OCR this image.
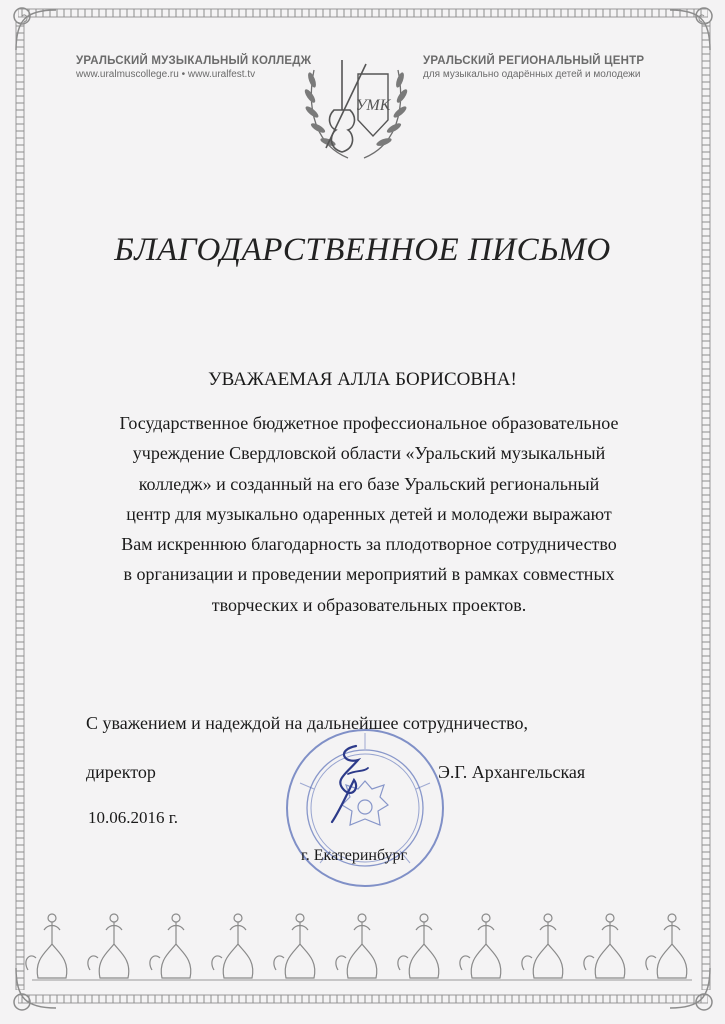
УРАЛЬСКИЙ МУЗЫКАЛЬНЫЙ КОЛЛЕДЖ
www.uralmuscollege.ru • www.uralfest.tv
УМК
УРАЛЬСКИЙ РЕГИОНАЛЬНЫЙ ЦЕНТР
для музыкально одарённых детей и молодежи
БЛАГОДАРСТВЕННОЕ ПИСЬМО
УВАЖАЕМАЯ АЛЛА БОРИСОВНА!
Государственное бюджетное профессиональное образовательное
учреждение Свердловской области «Уральский музыкальный
колледж» и созданный на его базе Уральский региональный
центр для музыкально одаренных детей и молодежи выражают
Вам искреннюю благодарность за плодотворное сотрудничество
в организации и проведении мероприятий в рамках совместных
творческих и образовательных проектов.
С уважением и надеждой на дальнейшее сотрудничество,
директор	Э.Г. Архангельская
10.06.2016 г.
г. Екатеринбург
